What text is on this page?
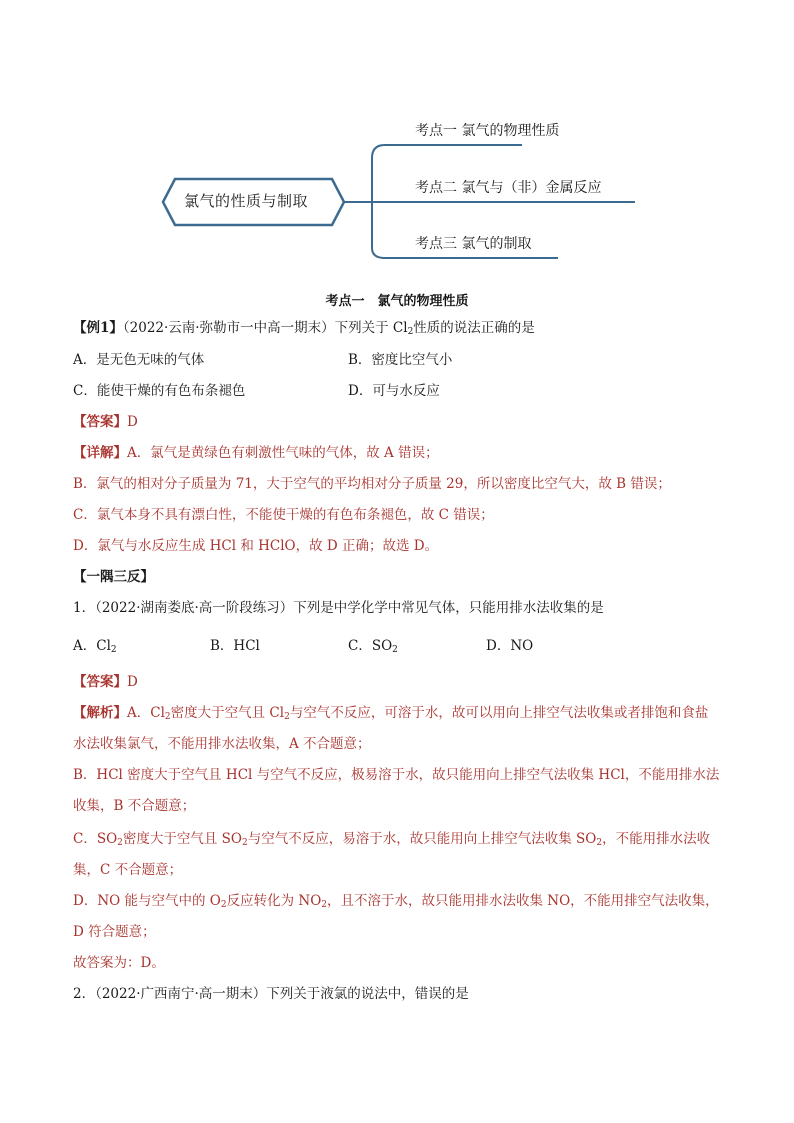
氯气的性质与制取
考点一 氯气的物理性质
考点二 氯气与（非）金属反应
考点三 氯气的制取
考点一　氯气的物理性质
【例1】（2022·云南·弥勒市一中高一期末）下列关于 $Cl_2$性质的说法正确的是
A．是无色无味的气体	B．密度比空气小
C．能使干燥的有色布条褪色	D．可与水反应
【答案】D
【详解】A．氯气是黄绿色有刺激性气味的气体，故 A 错误；
B．氯气的相对分子质量为 71，大于空气的平均相对分子质量 29，所以密度比空气大，故 B 错误；
C．氯气本身不具有漂白性，不能使干燥的有色布条褪色，故 C 错误；
D．氯气与水反应生成 HCl 和 HClO，故 D 正确；故选 D。
【一隅三反】
1．（2022·湖南娄底·高一阶段练习）下列是中学化学中常见气体，只能用排水法收集的是
A．$Cl_2$	B．HCl	C．$SO_2$	D．NO
【答案】D
【解析】A．$Cl_2$密度大于空气且 $Cl_2$与空气不反应，可溶于水，故可以用向上排空气法收集或者排饱和食盐
水法收集氯气，不能用排水法收集，A 不合题意；
B．HCl 密度大于空气且 HCl 与空气不反应，极易溶于水，故只能用向上排空气法收集 HCl，不能用排水法
收集，B 不合题意；
C．$SO_2$密度大于空气且 $SO_2$与空气不反应，易溶于水，故只能用向上排空气法收集 $SO_2$，不能用排水法收
集，C 不合题意；
D．NO 能与空气中的 $O_2$反应转化为 $NO_2$，且不溶于水，故只能用排水法收集 NO，不能用排空气法收集，
D 符合题意；
故答案为：D。
2．（2022·广西南宁·高一期末）下列关于液氯的说法中，错误的是
